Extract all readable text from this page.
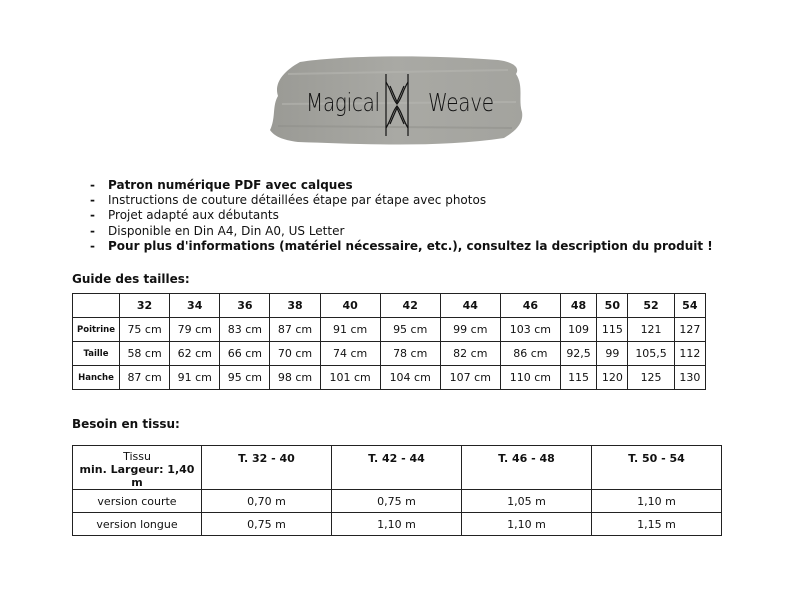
Magical Weave
- Patron numérique PDF avec calques
- Instructions de couture détaillées étape par étape avec photos
- Projet adapté aux débutants
- Disponible en Din A4, Din A0, US Letter
- Pour plus d'informations (matériel nécessaire, etc.), consultez la description du produit !
Guide des tailles:
	32	34	36	38	40	42	44	46	48	50	52	54
Poitrine	75 cm	79 cm	83 cm	87 cm	91 cm	95 cm	99 cm	103 cm	109	115	121	127
Taille	58 cm	62 cm	66 cm	70 cm	74 cm	78 cm	82 cm	86 cm	92,5	99	105,5	112
Hanche	87 cm	91 cm	95 cm	98 cm	101 cm	104 cm	107 cm	110 cm	115	120	125	130
Besoin en tissu:
Tissu
min. Largeur: 1,40 m	T. 32 - 40	T. 42 - 44	T. 46 - 48	T. 50 - 54
version courte	0,70 m	0,75 m	1,05 m	1,10 m
version longue	0,75 m	1,10 m	1,10 m	1,15 m
